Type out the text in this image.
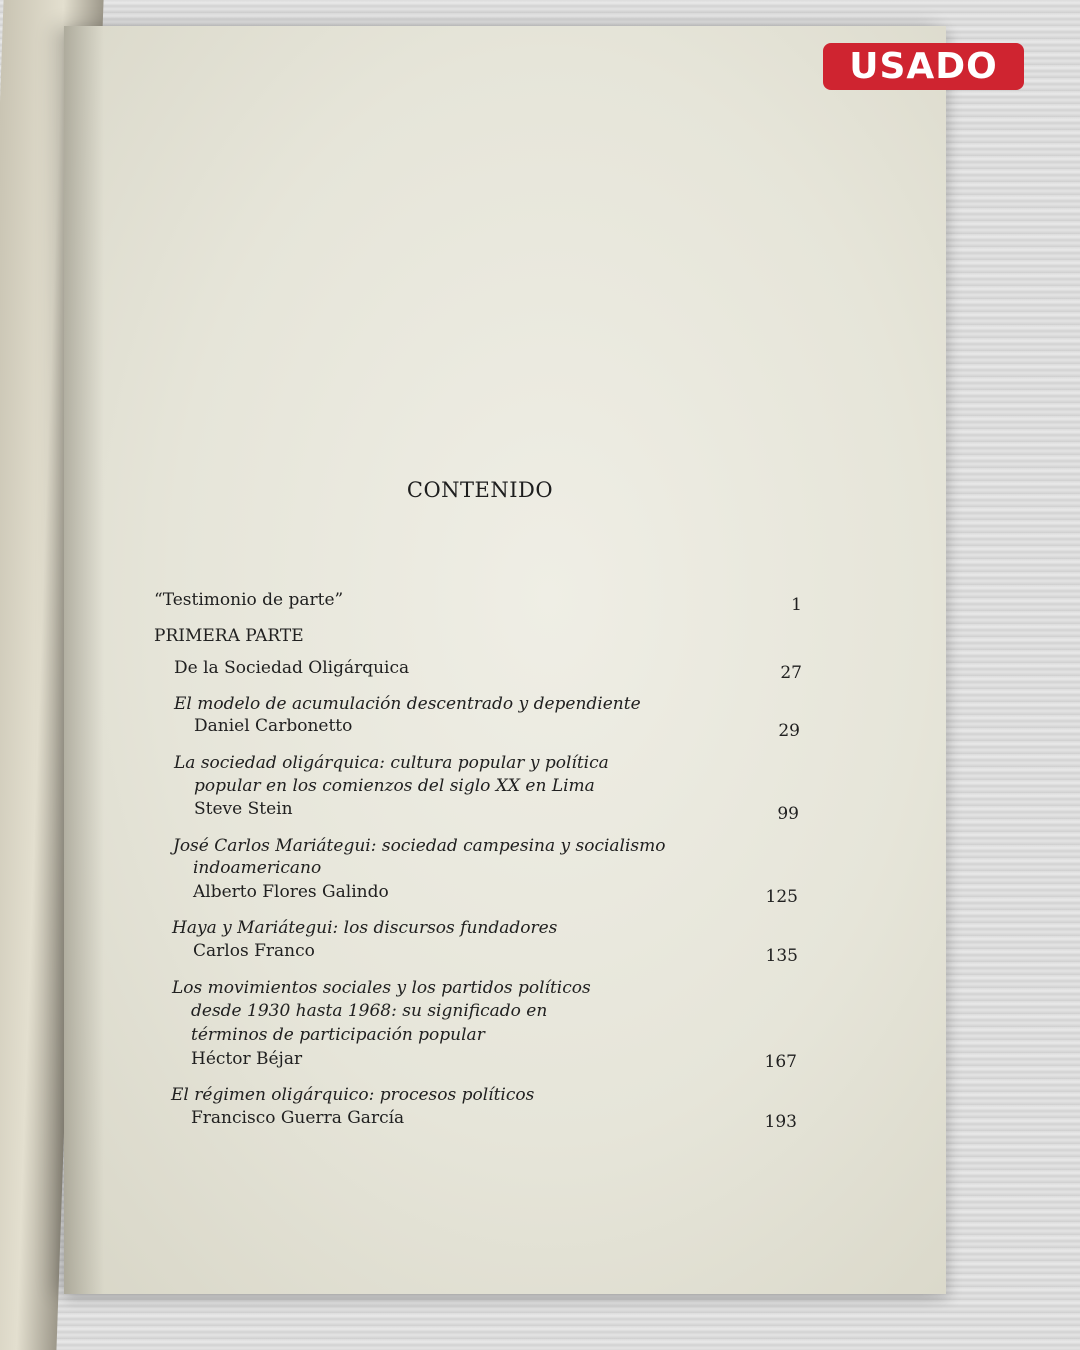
USADO
CONTENIDO
“Testimonio de parte”	1
PRIMERA PARTE
De la Sociedad Oligárquica	27
El modelo de acumulación descentrado y dependiente
Daniel Carbonetto	29
La sociedad oligárquica: cultura popular y política
popular en los comienzos del siglo XX en Lima
Steve Stein	99
José Carlos Mariátegui: sociedad campesina y socialismo
indoamericano
Alberto Flores Galindo	125
Haya y Mariátegui: los discursos fundadores
Carlos Franco	135
Los movimientos sociales y los partidos políticos
desde 1930 hasta 1968: su significado en
términos de participación popular
Héctor Béjar	167
El régimen oligárquico: procesos políticos
Francisco Guerra García	193
